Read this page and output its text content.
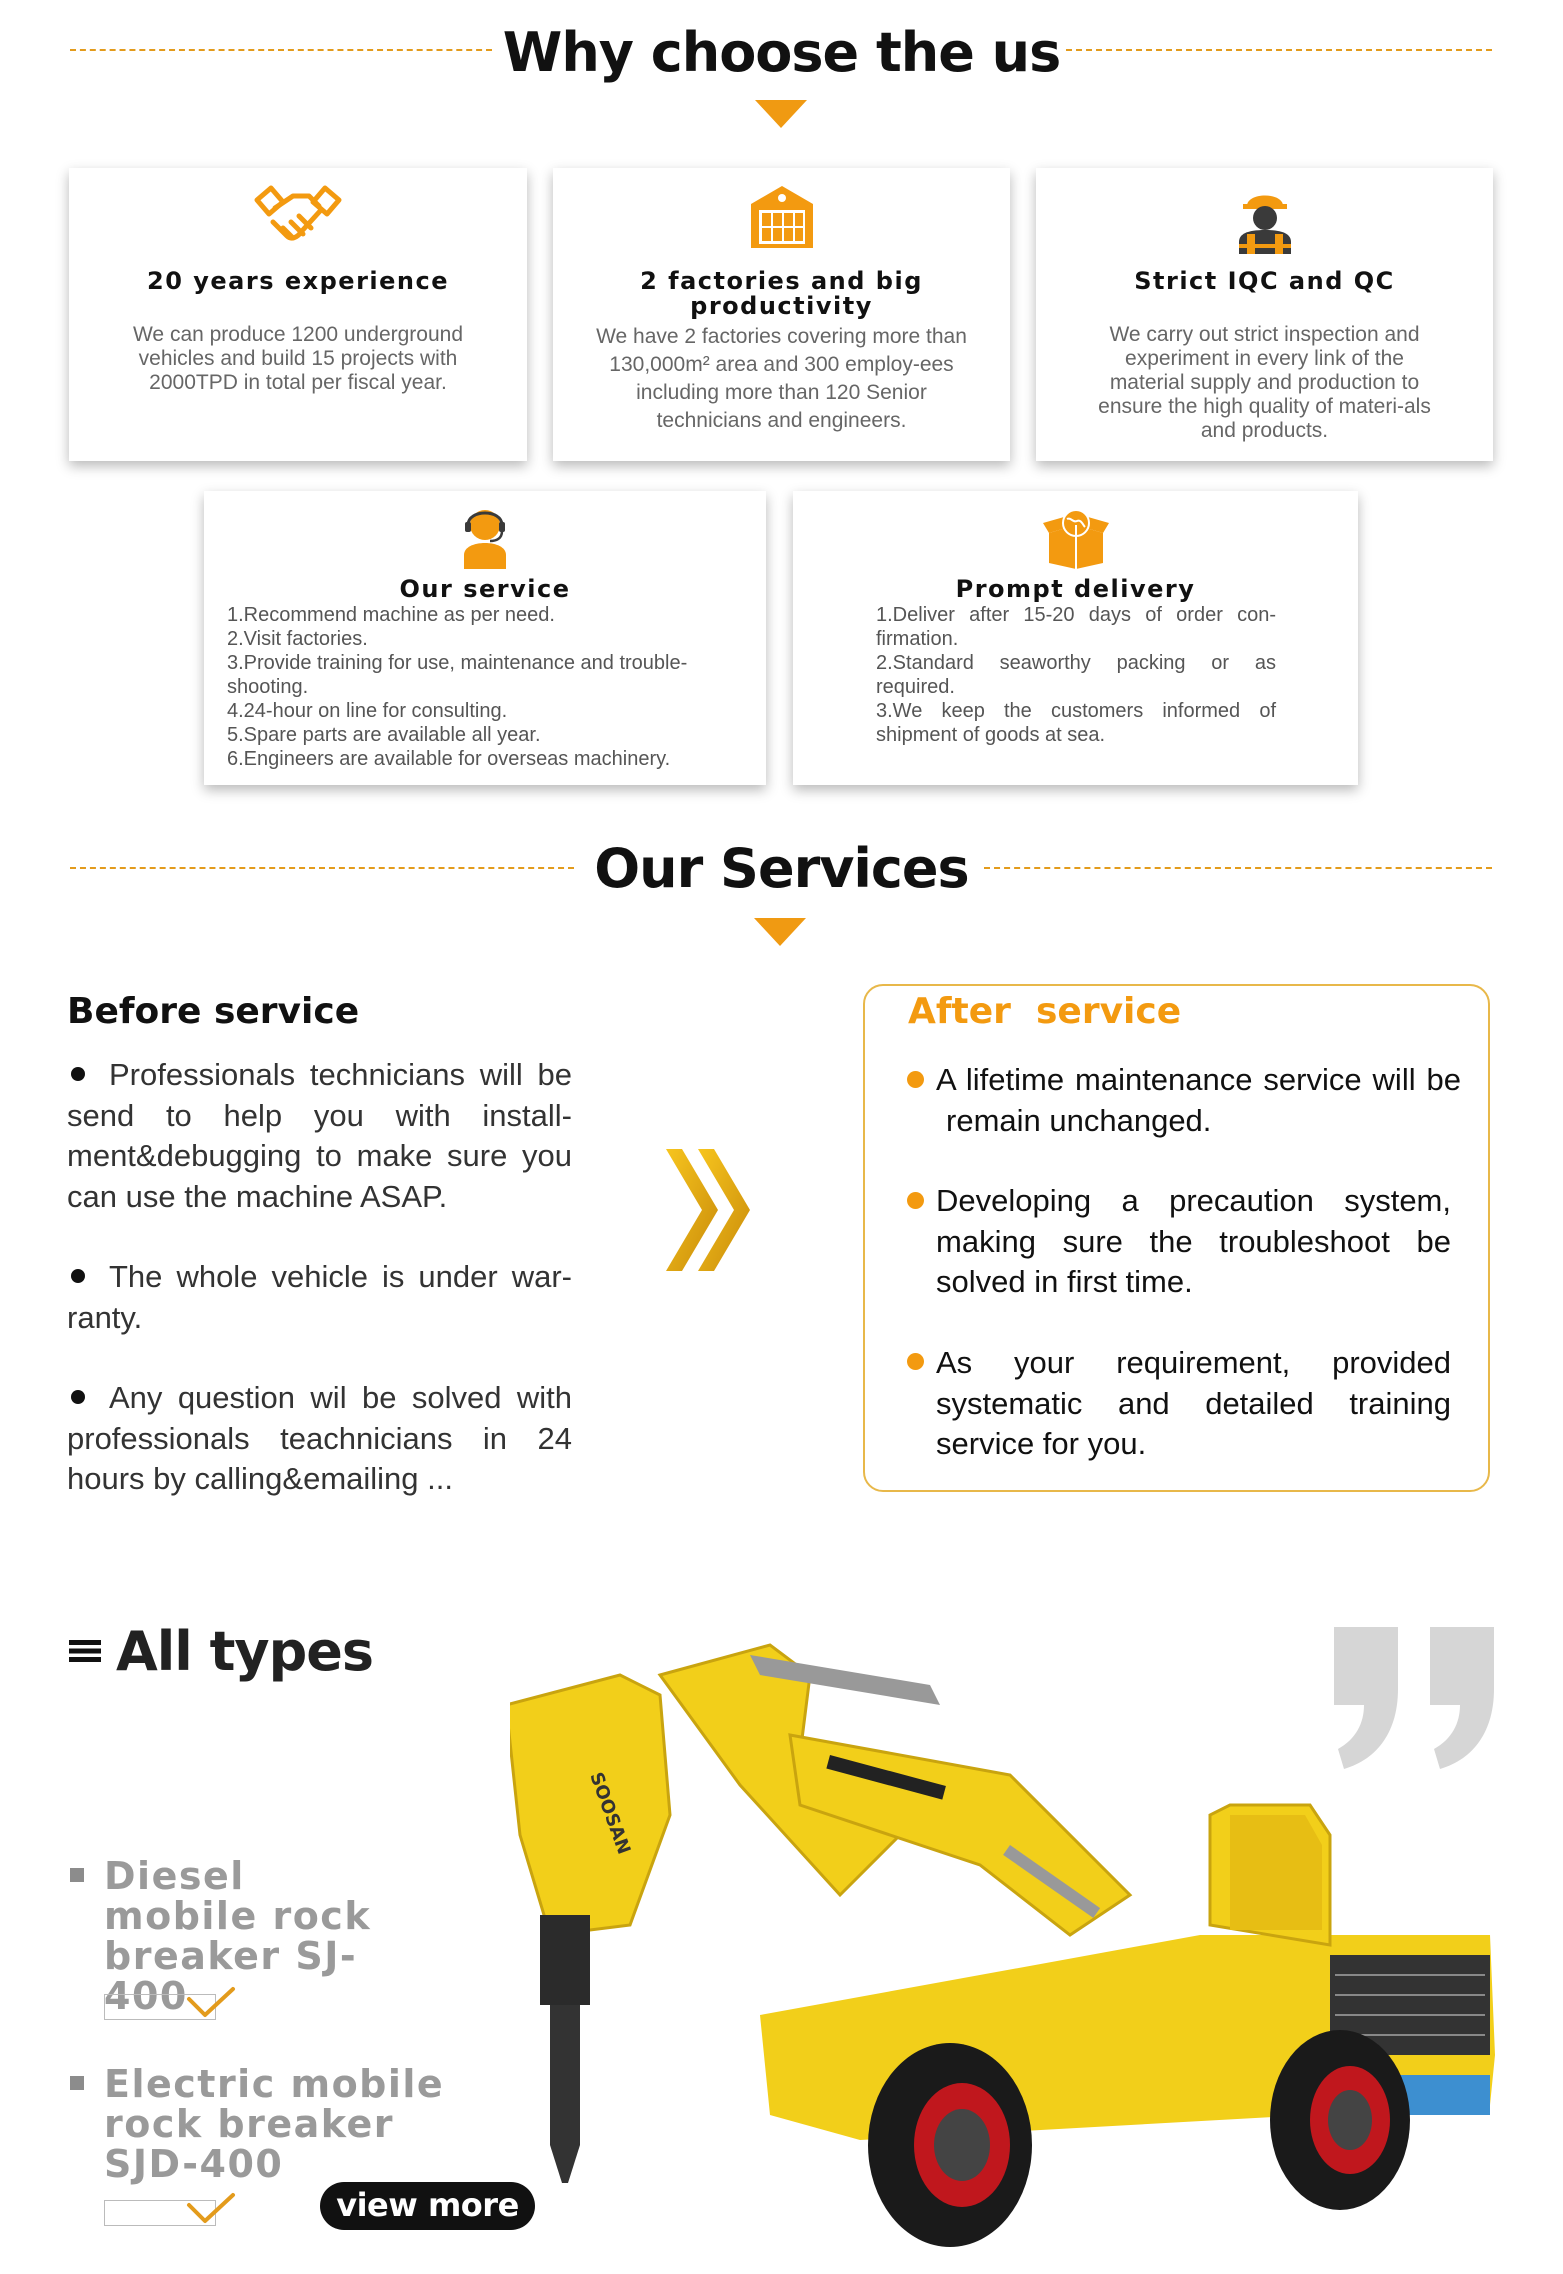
Why choose the us
20 years experience
We can produce 1200 underground vehicles and build 15 projects with 2000TPD in total per fiscal year.
2 factories and big productivity
We have 2 factories covering more than 130,000m² area and 300 employ-ees including more than 120 Senior technicians and engineers.
Strict IQC and QC
We carry out strict inspection and experiment in every link of the material supply and production to ensure the high quality of materi-als and products.
Our service
1.Recommend machine as per need.
2.Visit factories.
3.Provide training for use, maintenance and trouble-shooting.
4.24-hour on line for consulting.
5.Spare parts are available all year.
6.Engineers are available for overseas machinery.
Prompt delivery
1.Deliver after 15-20 days of order con-firmation.
2.Standard seaworthy packing or as required.
3.We keep the customers informed of shipment of goods at sea.
Our Services
Before service

Professionals technicians will be send to help you with install-ment&debugging to make sure you can use the machine ASAP.

The whole vehicle is under war-ranty.

Any question wil be solved with professionals teachnicians in 24 hours by calling&emailing ...

After  service
A lifetime maintenance service will be remain unchanged.
Developing a precaution system, making sure the troubleshoot be solved in first time.
As your requirement, provided systematic and detailed training service for you.
All types
Diesel mobile rock breaker SJ-400
Electric mobile rock breaker SJD-400
view more
SOOSAN
